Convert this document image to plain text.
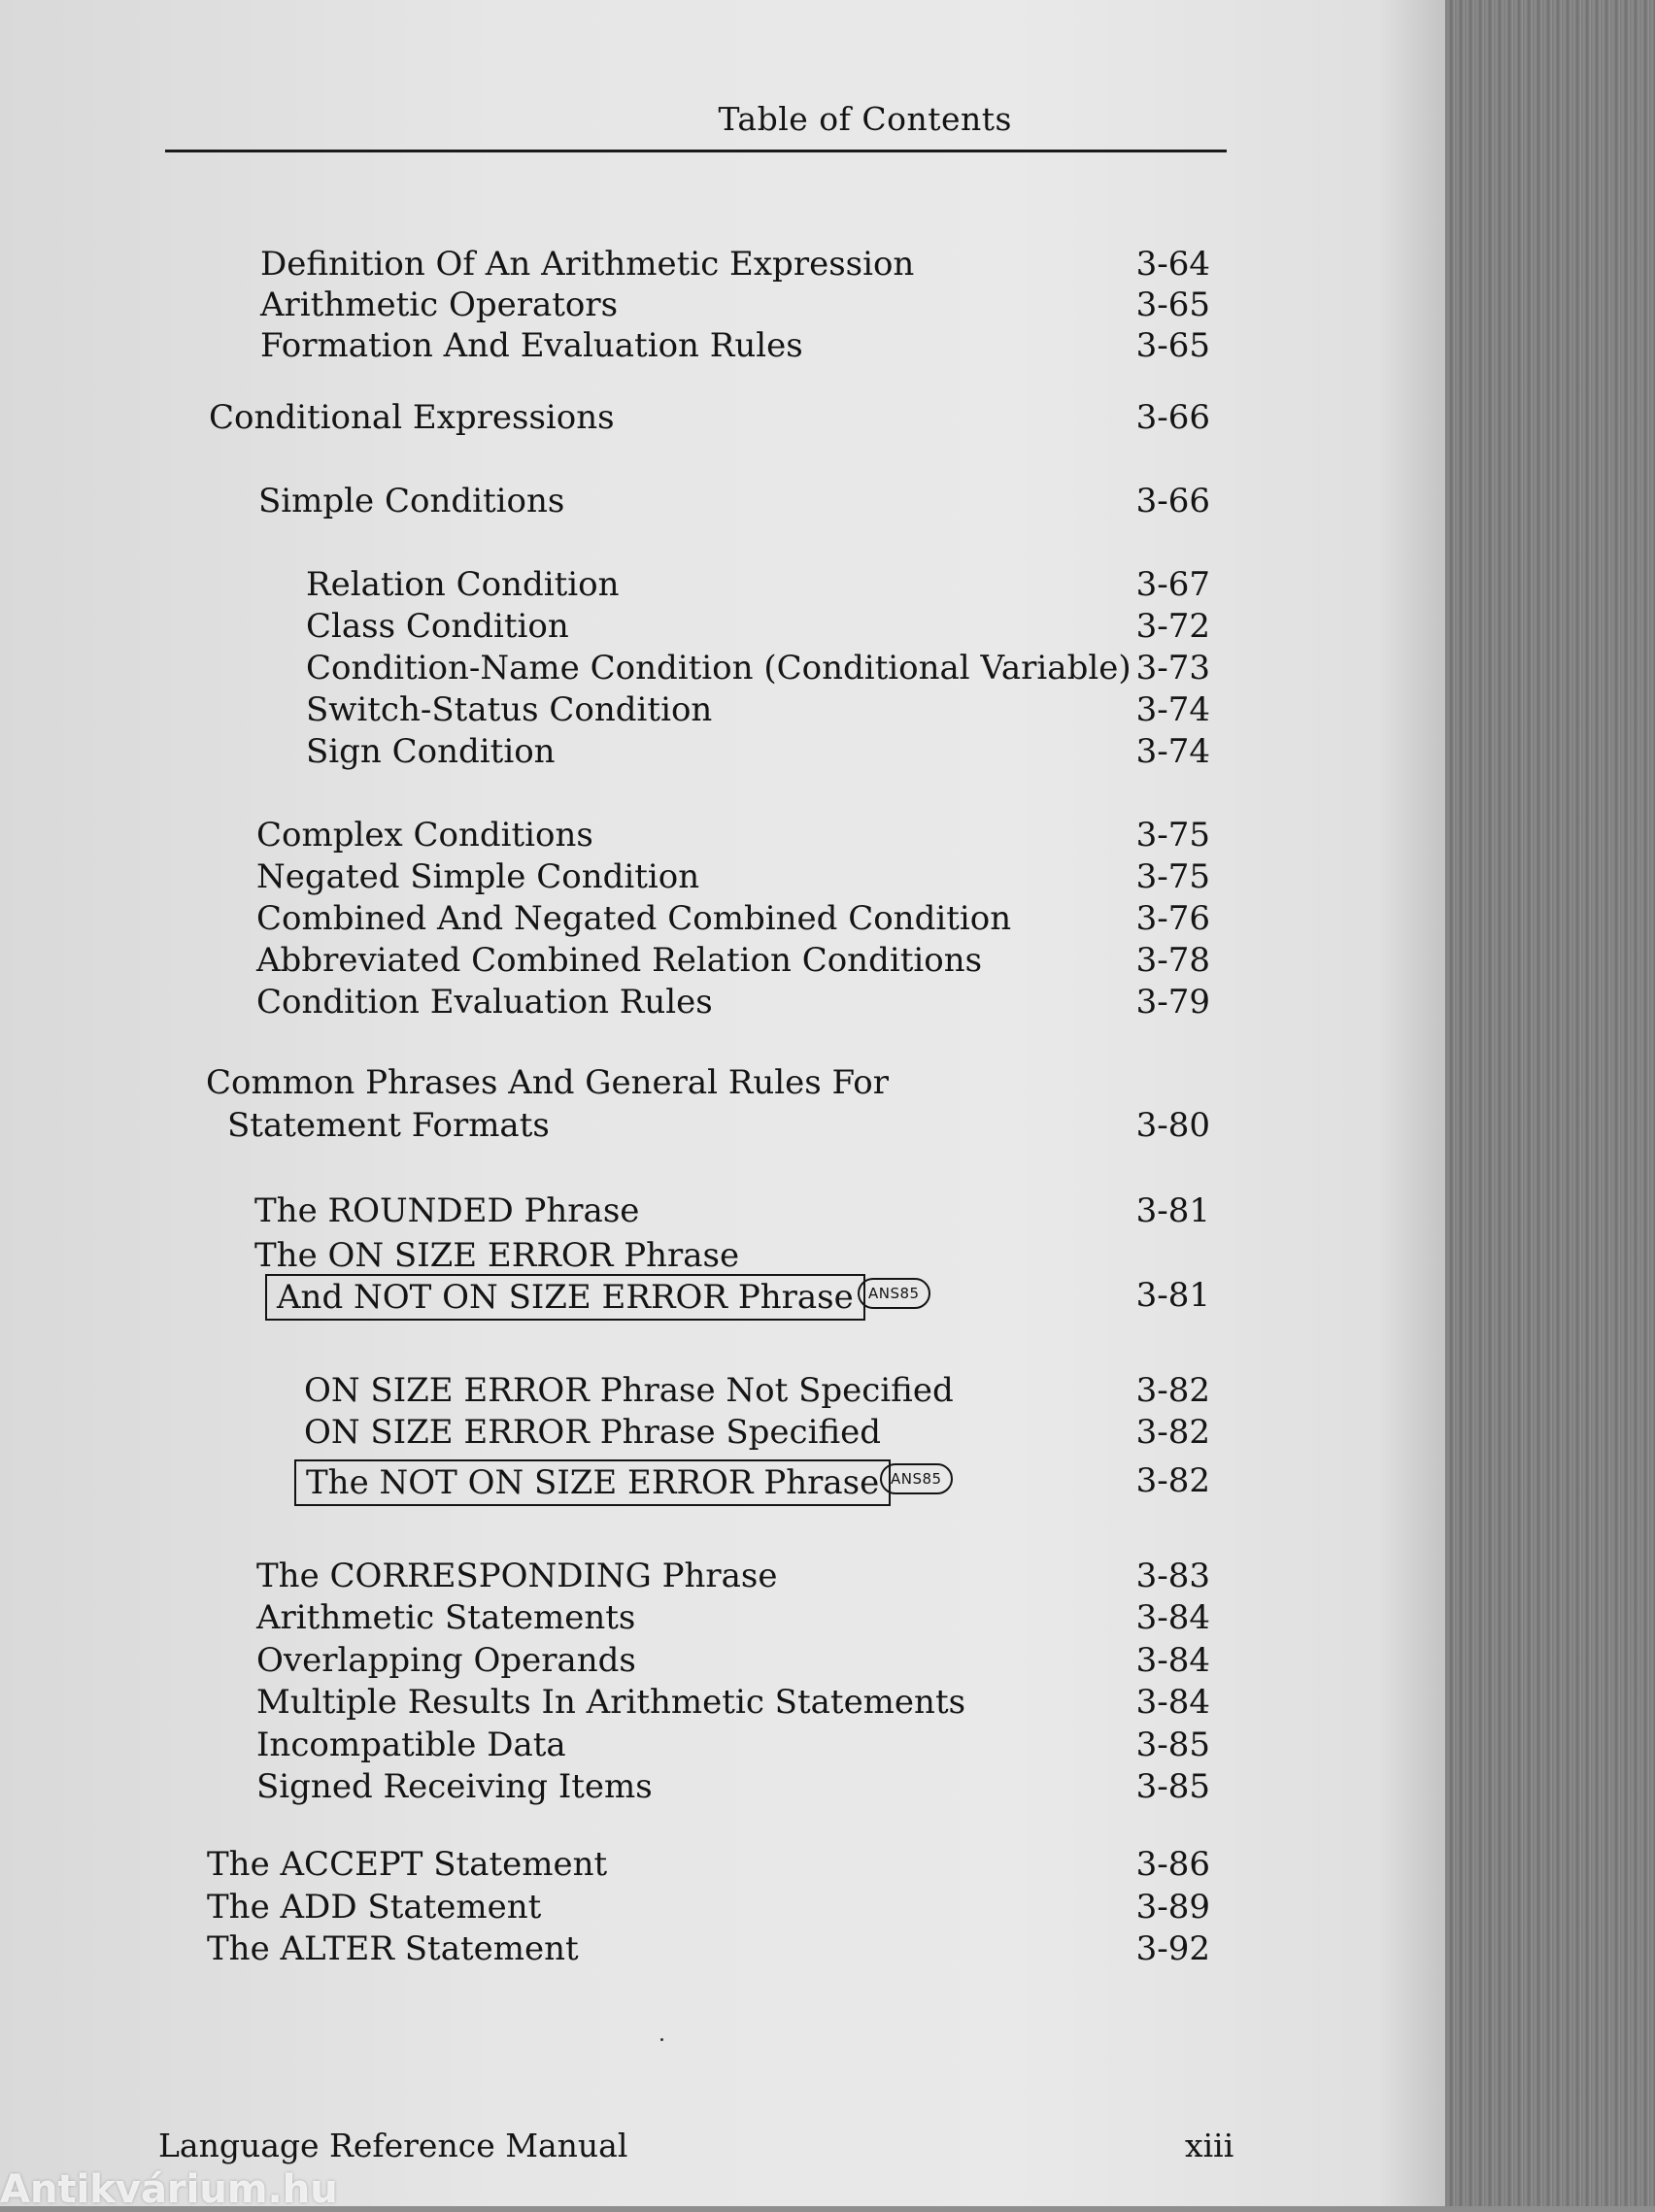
Table of Contents
Definition Of An Arithmetic Expression	3-64
Arithmetic Operators	3-65
Formation And Evaluation Rules	3-65
Conditional Expressions	3-66
Simple Conditions	3-66
Relation Condition	3-67
Class Condition	3-72
Condition-Name Condition (Conditional Variable) 3-73
Switch-Status Condition	3-74
Sign Condition	3-74
Complex Conditions	3-75
Negated Simple Condition	3-75
Combined And Negated Combined Condition	3-76
Abbreviated Combined Relation Conditions	3-78
Condition Evaluation Rules	3-79
Common Phrases And General Rules For
Statement Formats	3-80
The ROUNDED Phrase	3-81
The ON SIZE ERROR Phrase
And NOT ON SIZE ERROR Phrase	ANS85	3-81
ON SIZE ERROR Phrase Not Specified	3-82
ON SIZE ERROR Phrase Specified	3-82
The NOT ON SIZE ERROR Phrase ANS85	3-82
The CORRESPONDING Phrase	3-83
Arithmetic Statements	3-84
Overlapping Operands	3-84
Multiple Results In Arithmetic Statements	3-84
Incompatible Data	3-85
Signed Receiving Items	3-85
The ACCEPT Statement	3-86
The ADD Statement	3-89
The ALTER Statement	3-92
Language Reference Manual	xiii
Antikvárium.hu
